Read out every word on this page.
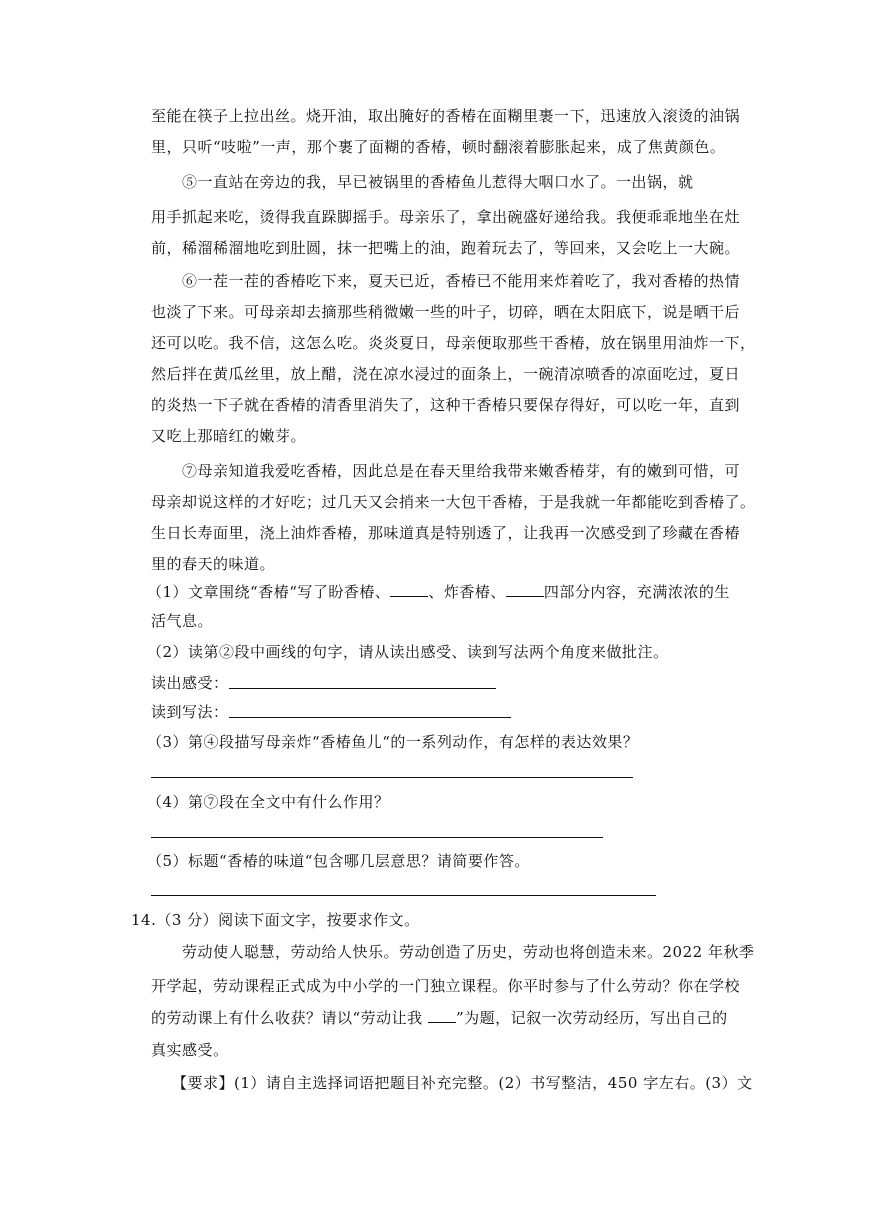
至能在筷子上拉出丝。烧开油，取出腌好的香椿在面糊里裹一下，迅速放入滚烫的油锅
里，只听“吱啦”一声，那个裹了面糊的香椿，顿时翻滚着膨胀起来，成了焦黄颜色。
⑤一直站在旁边的我，早已被锅里的香椿鱼儿惹得大咽口水了。一出锅，就
用手抓起来吃，烫得我直跺脚摇手。母亲乐了，拿出碗盛好递给我。我便乖乖地坐在灶
前，稀溜稀溜地吃到肚圆，抹一把嘴上的油，跑着玩去了，等回来，又会吃上一大碗。
⑥一茬一茬的香椿吃下来，夏天已近，香椿已不能用来炸着吃了，我对香椿的热情
也淡了下来。可母亲却去摘那些稍微嫩一些的叶子，切碎，晒在太阳底下，说是晒干后
还可以吃。我不信，这怎么吃。炎炎夏日，母亲便取那些干香椿，放在锅里用油炸一下，
然后拌在黄瓜丝里，放上醋，浇在凉水浸过的面条上，一碗清凉喷香的凉面吃过，夏日
的炎热一下子就在香椿的清香里消失了，这种干香椿只要保存得好，可以吃一年，直到
又吃上那暗红的嫩芽。
⑦母亲知道我爱吃香椿，因此总是在春天里给我带来嫩香椿芽，有的嫩到可惜，可
母亲却说这样的才好吃；过几天又会捎来一大包干香椿，于是我就一年都能吃到香椿了。
生日长寿面里，浇上油炸香椿，那味道真是特别透了，让我再一次感受到了珍藏在香椿
里的春天的味道。
（1）文章围绕“香椿“写了盼香椿、	、炸香椿、	四部分内容，充满浓浓的生
活气息。
（2）读第②段中画线的句字，请从读出感受、读到写法两个角度来做批注。
读出感受：
读到写法：
（3）第④段描写母亲炸“香椿鱼儿“的一系列动作，有怎样的表达效果？
（4）第⑦段在全文中有什么作用？
（5）标题“香椿的味道“包含哪几层意思？请简要作答。
14.（3 分）阅读下面文字，按要求作文。
劳动使人聪慧，劳动给人快乐。劳动创造了历史，劳动也将创造未来。2022 年秋季
开学起，劳动课程正式成为中小学的一门独立课程。你平时参与了什么劳动？你在学校
的劳动课上有什么收获？请以“劳动让我 ”为题，记叙一次劳动经历，写出自己的
真实感受。
【要求】(1）请自主选择词语把题目补充完整。(2）书写整洁，450 字左右。(3）文
